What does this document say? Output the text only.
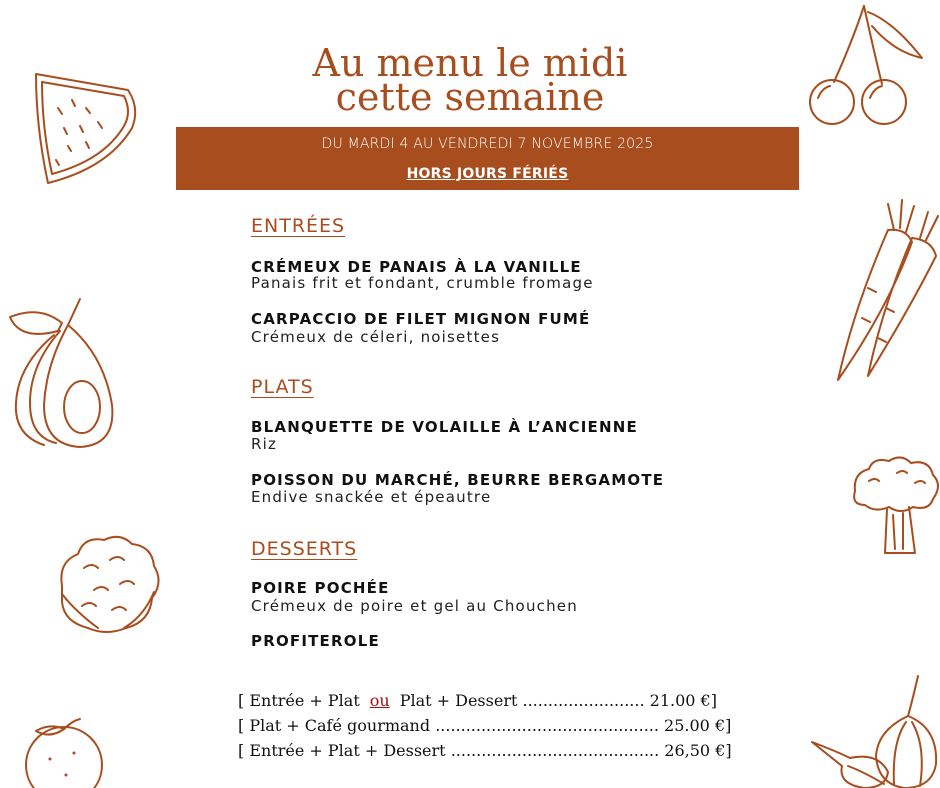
Au menu le midi
cette semaine
DU MARDI 4 AU VENDREDI 7 NOVEMBRE 2025
HORS JOURS FÉRIÉS
ENTRÉES
CRÉMEUX DE PANAIS À LA VANILLE
Panais frit et fondant, crumble fromage
CARPACCIO DE FILET MIGNON FUMÉ
Crémeux de céleri, noisettes
PLATS
BLANQUETTE DE VOLAILLE À L’ANCIENNE
Riz
POISSON DU MARCHÉ, BEURRE BERGAMOTE
Endive snackée et épeautre
DESSERTS
POIRE POCHÉE
Crémeux de poire et gel au Chouchen
PROFITEROLE
[ Entrée + Plat ou Plat + Dessert ........................ 21.00 €]
[ Plat + Café gourmand ............................................ 25.00 €]
[ Entrée + Plat + Dessert ......................................... 26,50 €]
